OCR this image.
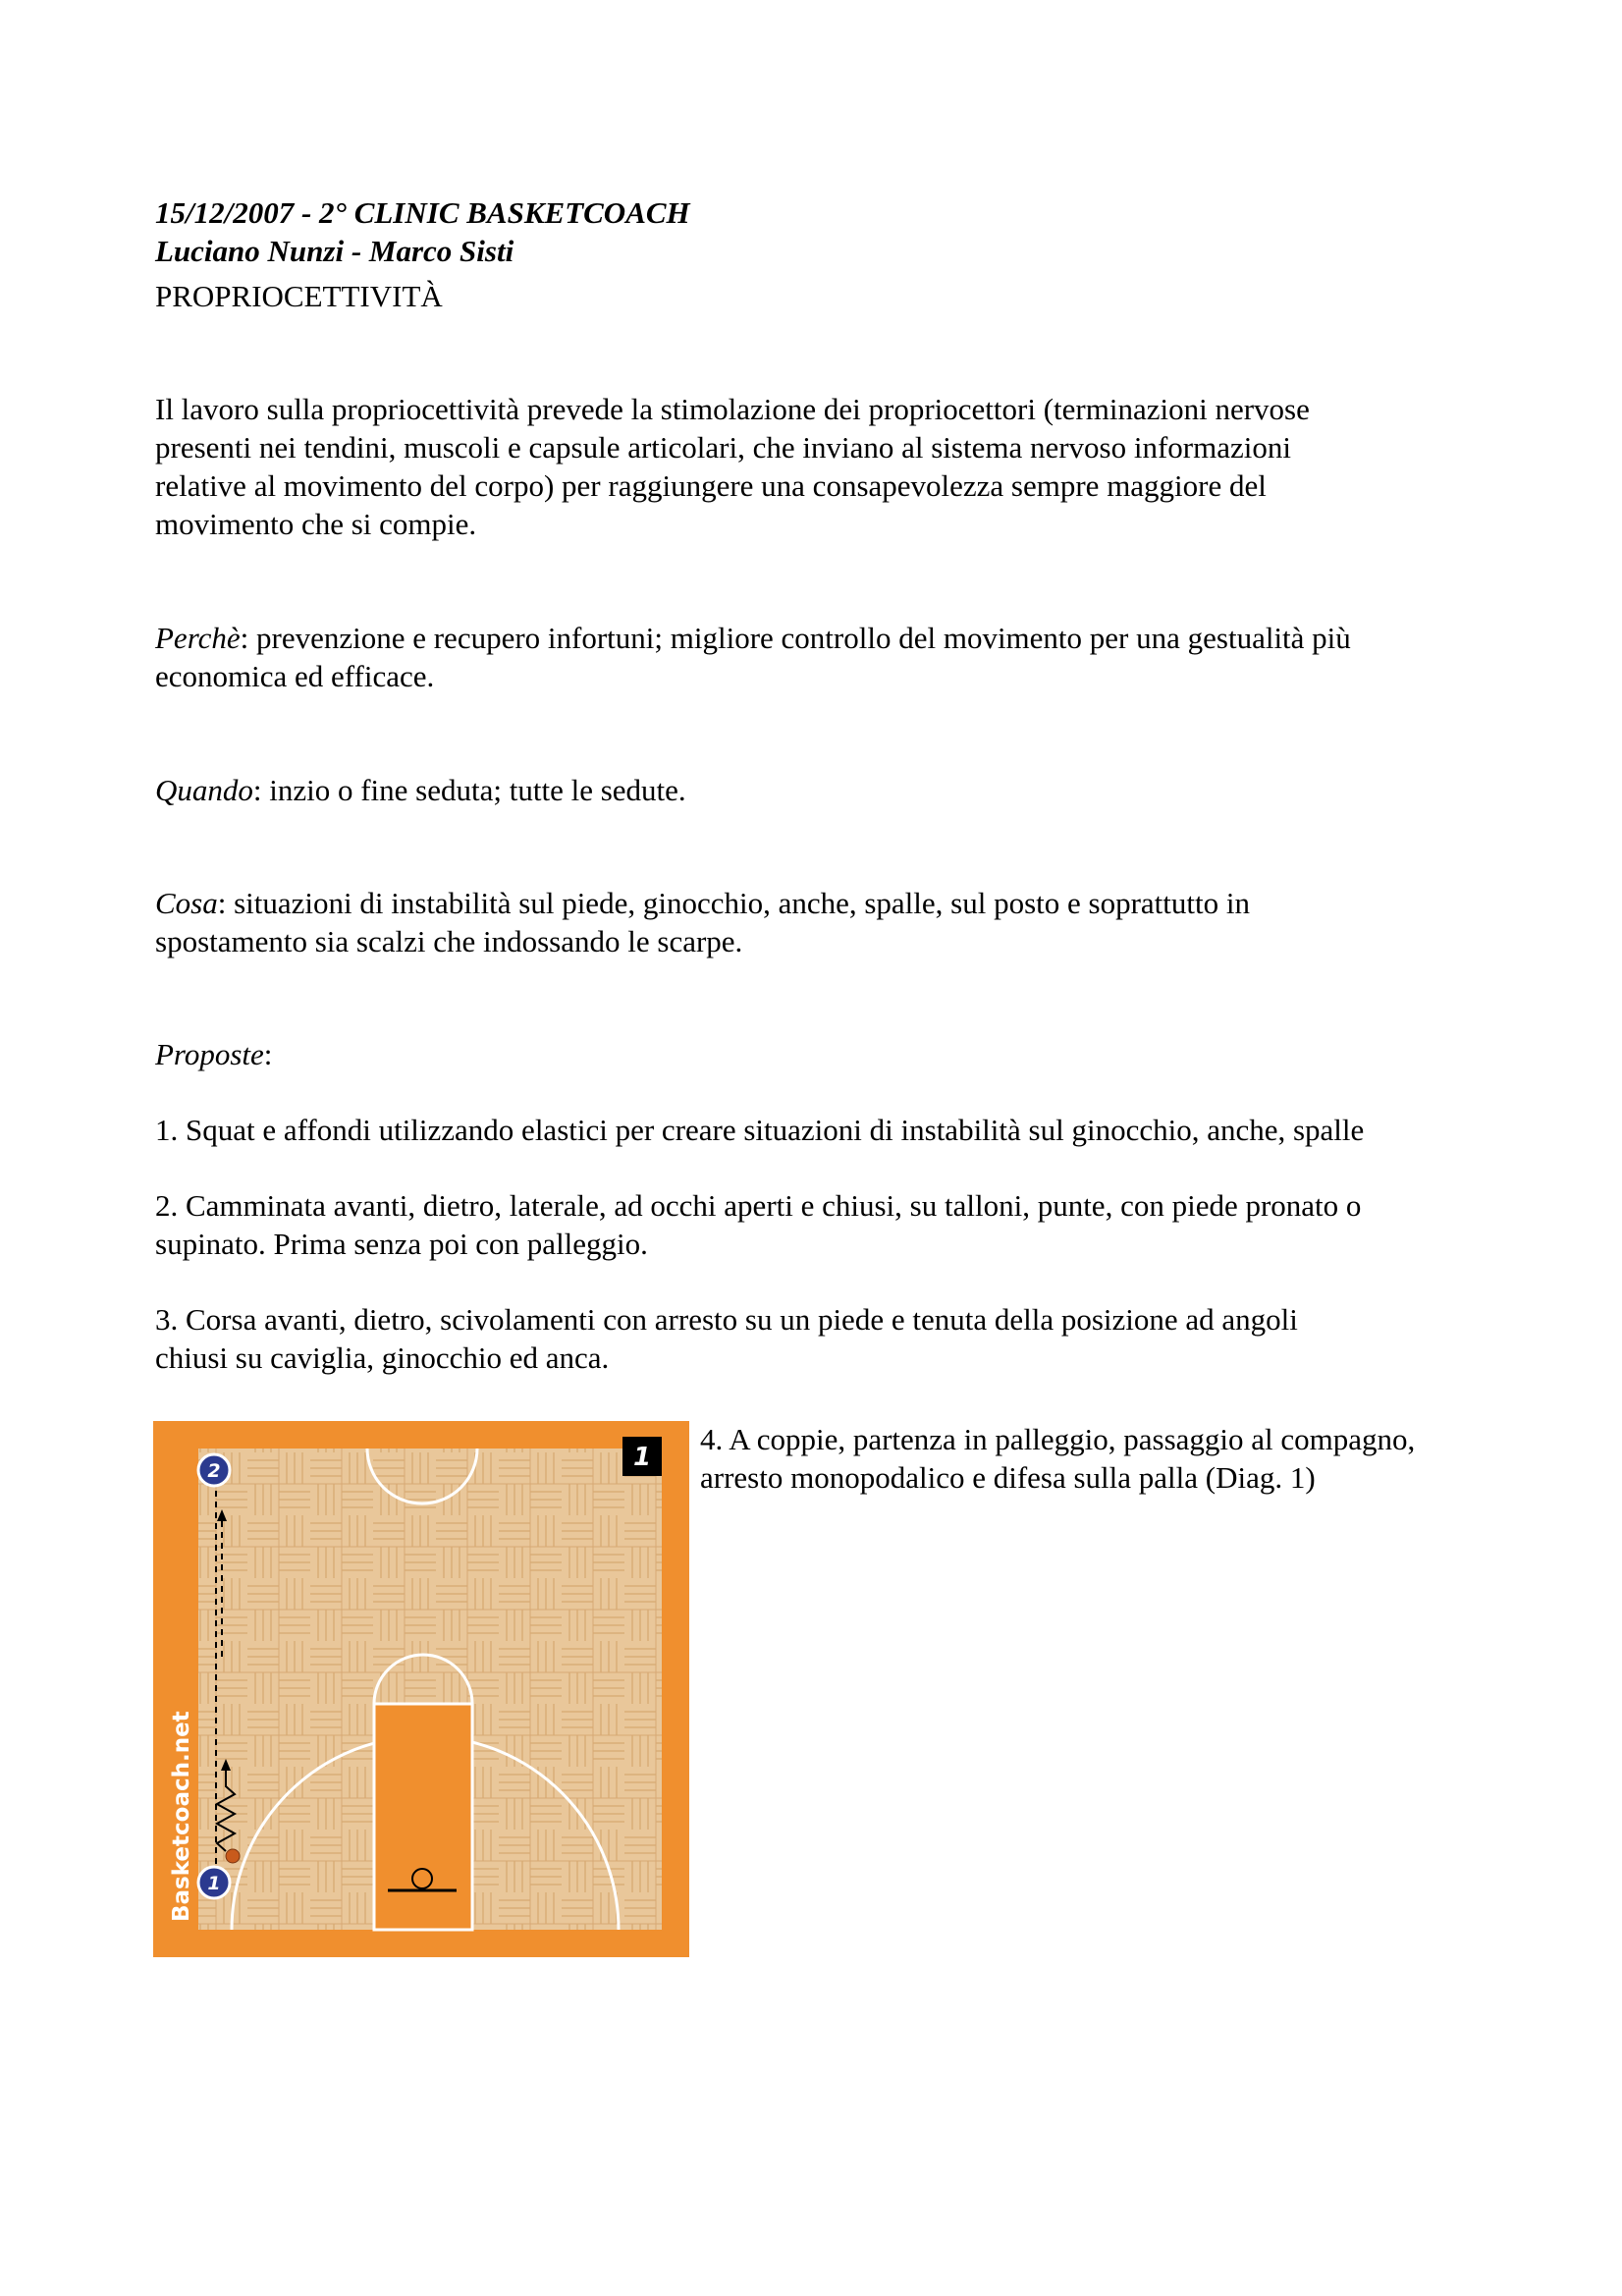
15/12/2007 - 2° CLINIC BASKETCOACH
Luciano Nunzi - Marco Sisti
PROPRIOCETTIVITÀ
Il lavoro sulla propriocettività prevede la stimolazione dei propriocettori (terminazioni nervose
presenti nei tendini, muscoli e capsule articolari, che inviano al sistema nervoso informazioni
relative al movimento del corpo) per raggiungere una consapevolezza sempre maggiore del
movimento che si compie.
Perchè: prevenzione e recupero infortuni; migliore controllo del movimento per una gestualità più
economica ed efficace.
Quando: inzio o fine seduta; tutte le sedute.
Cosa: situazioni di instabilità sul piede, ginocchio, anche, spalle, sul posto e soprattutto in
spostamento sia scalzi che indossando le scarpe.
Proposte:
1. Squat e affondi utilizzando elastici per creare situazioni di instabilità sul ginocchio, anche, spalle
2. Camminata avanti, dietro, laterale, ad occhi aperti e chiusi, su talloni, punte, con piede pronato o
supinato. Prima senza poi con palleggio.
3. Corsa avanti, dietro, scivolamenti con arresto su un piede e tenuta della posizione ad angoli
chiusi su caviglia, ginocchio ed anca.
4. A coppie, partenza in palleggio, passaggio al compagno,
arresto monopodalico e difesa sulla palla (Diag. 1)
2
1
1
Basketcoach.net
